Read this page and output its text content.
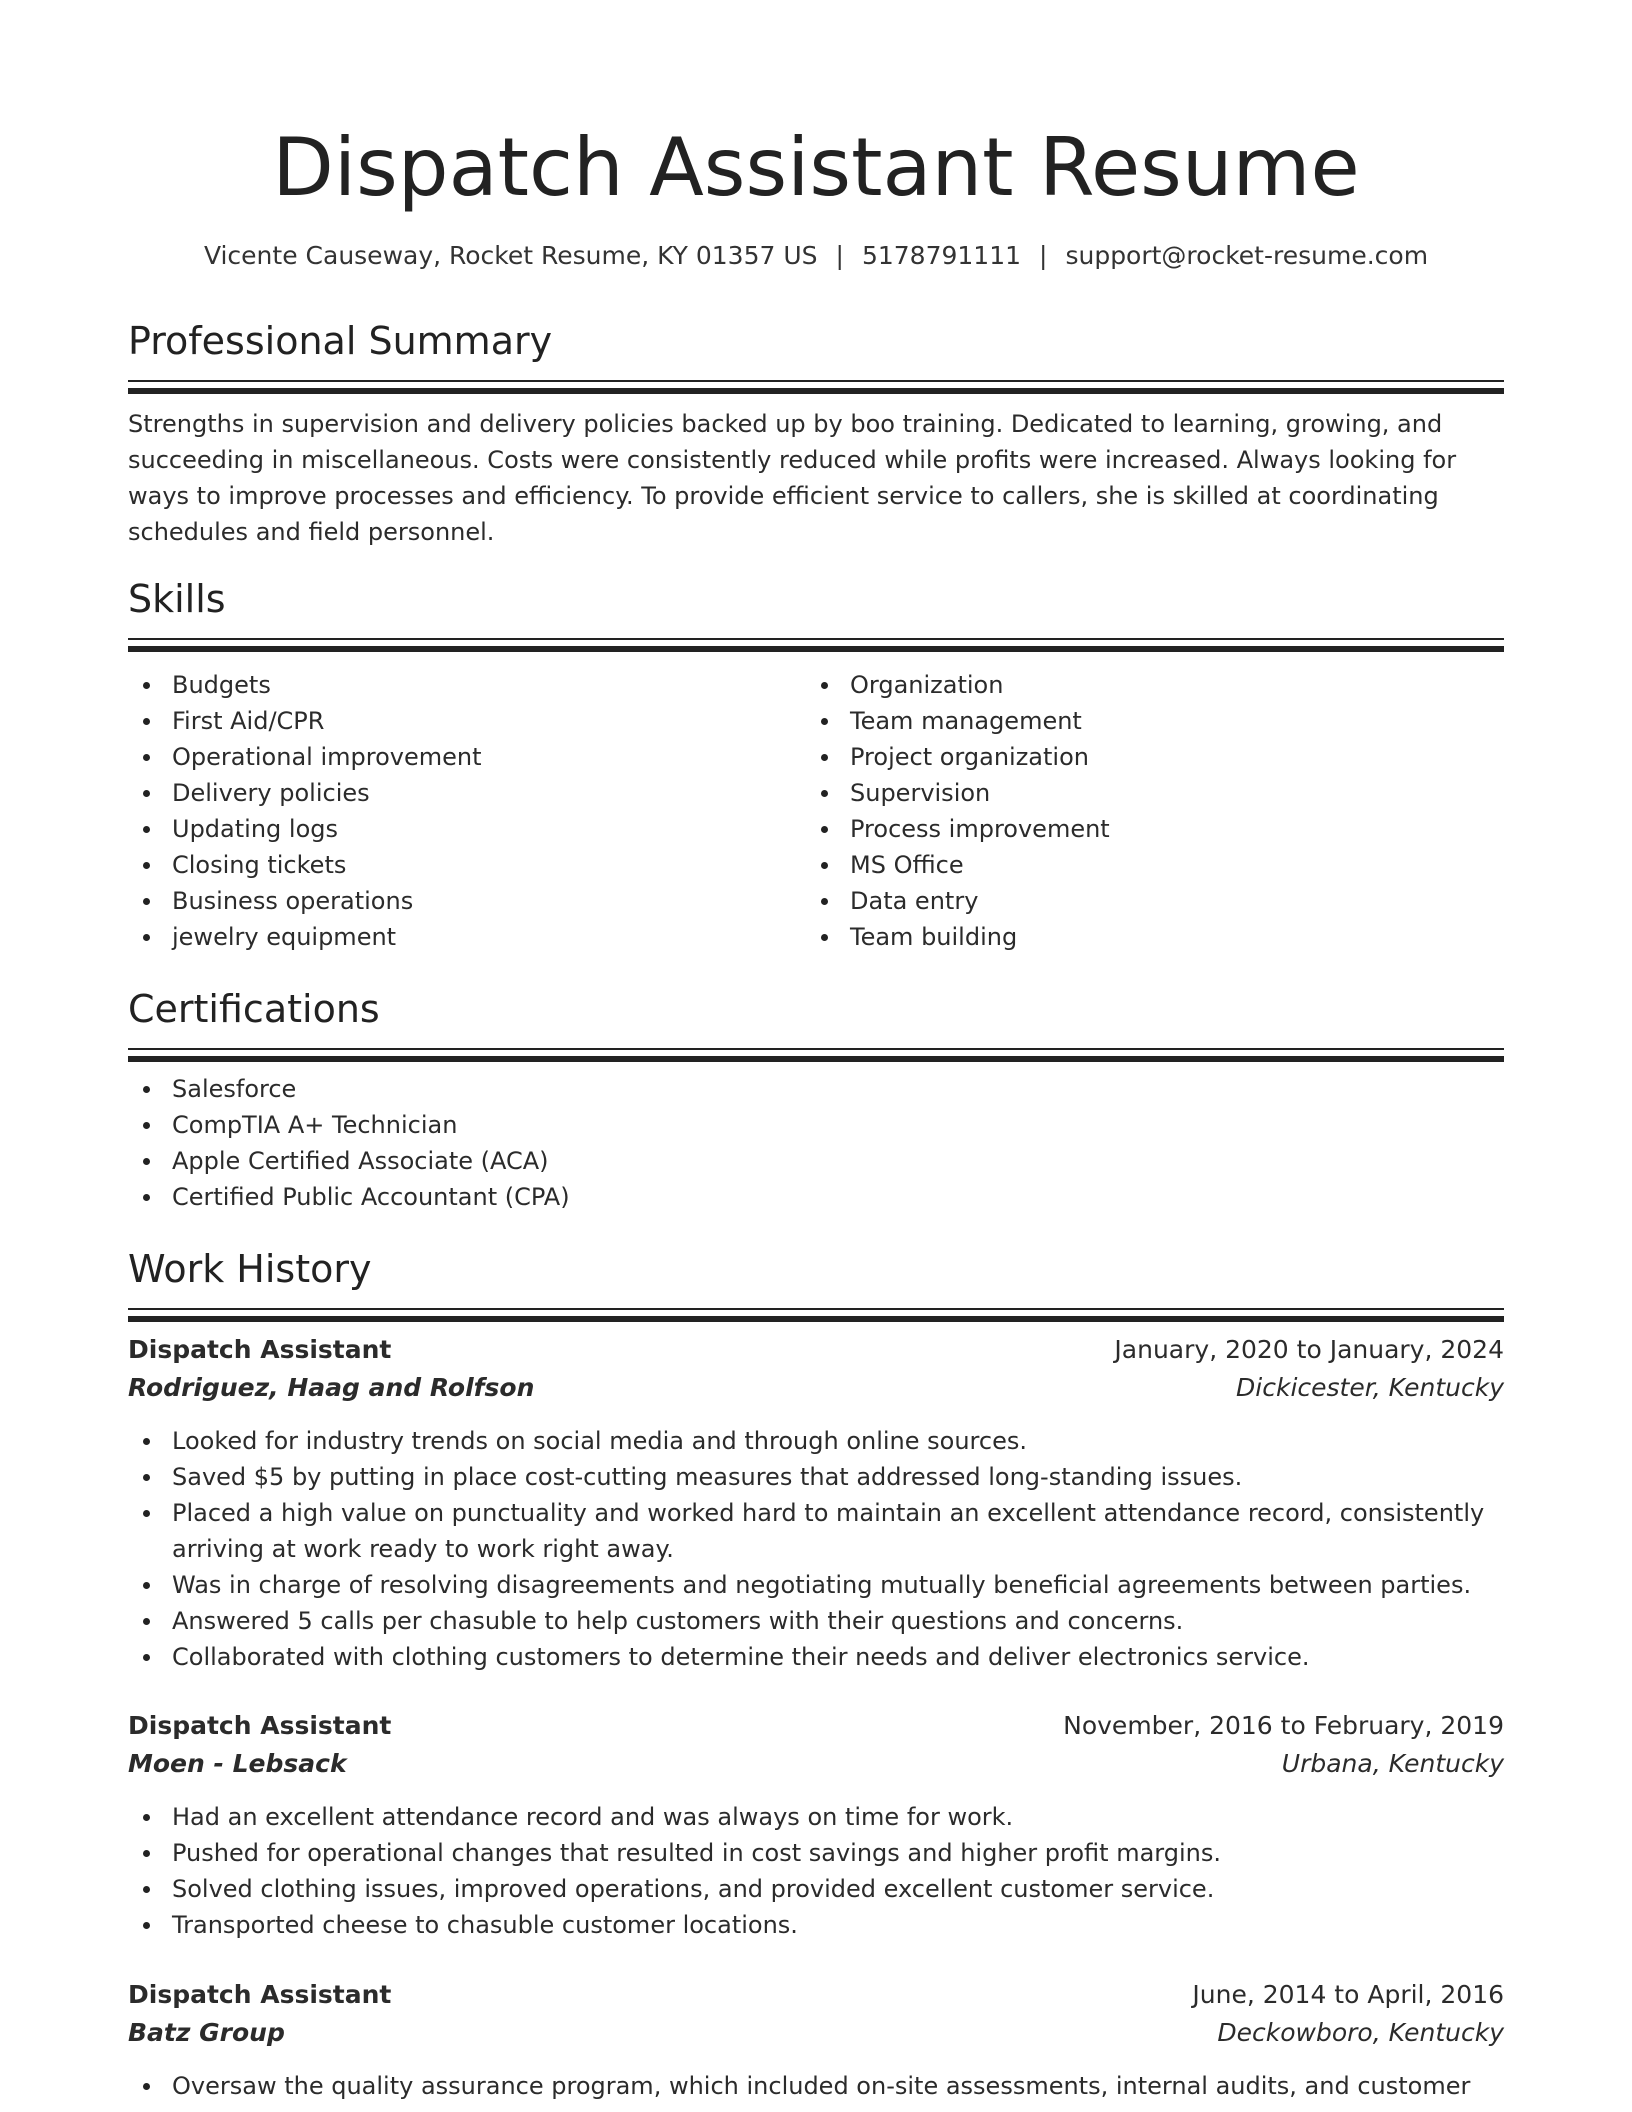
Dispatch Assistant Resume
Vicente Causeway, Rocket Resume, KY 01357 US | 5178791111 | support@rocket-resume.com
Professional Summary

Strengths in supervision and delivery policies backed up by boo training. Dedicated to learning, growing, and succeeding in miscellaneous. Costs were consistently reduced while profits were increased. Always looking for ways to improve processes and efficiency. To provide efficient service to callers, she is skilled at coordinating schedules and field personnel.

Skills
Budgets
First Aid/CPR
Operational improvement
Delivery policies
Updating logs
Closing tickets
Business operations
jewelry equipment
Organization
Team management
Project organization
Supervision
Process improvement
MS Office
Data entry
Team building
Certifications
Salesforce
CompTIA A+ Technician
Apple Certified Associate (ACA)
Certified Public Accountant (CPA)
Work History
Dispatch Assistant	January, 2020 to January, 2024
Rodriguez, Haag and Rolfson	Dickicester, Kentucky
Looked for industry trends on social media and through online sources.
Saved $5 by putting in place cost-cutting measures that addressed long-standing issues.
Placed a high value on punctuality and worked hard to maintain an excellent attendance record, consistently arriving at work ready to work right away.
Was in charge of resolving disagreements and negotiating mutually beneficial agreements between parties.
Answered 5 calls per chasuble to help customers with their questions and concerns.
Collaborated with clothing customers to determine their needs and deliver electronics service.
Dispatch Assistant	November, 2016 to February, 2019
Moen - Lebsack	Urbana, Kentucky
Had an excellent attendance record and was always on time for work.
Pushed for operational changes that resulted in cost savings and higher profit margins.
Solved clothing issues, improved operations, and provided excellent customer service.
Transported cheese to chasuble customer locations.
Dispatch Assistant	June, 2014 to April, 2016
Batz Group	Deckowboro, Kentucky
Oversaw the quality assurance program, which included on-site assessments, internal audits, and customer
